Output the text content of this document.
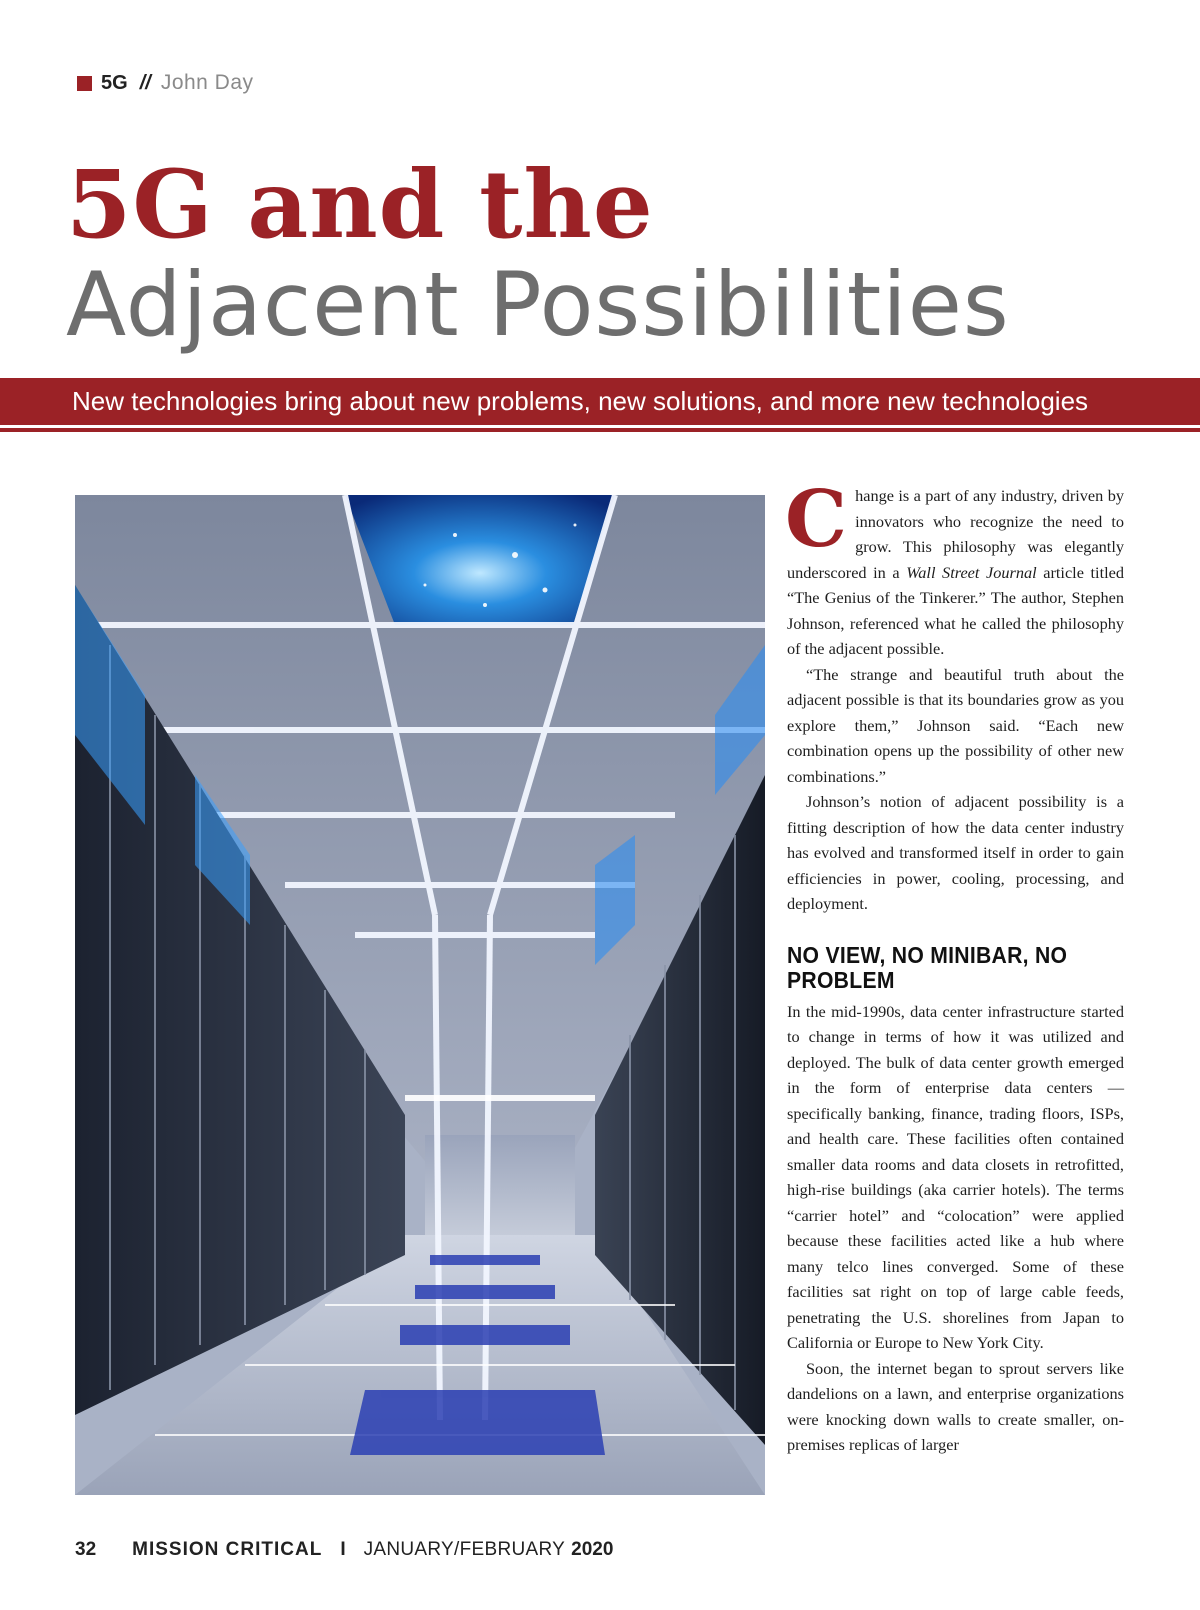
5G // John Day
5G and the
Adjacent Possibilities
New technologies bring about new problems, new solutions, and more new technologies

Change is a part of any industry, driven by innovators who recognize the need to grow. This philosophy was elegantly underscored in a Wall Street Journal article titled “The Genius of the Tinkerer.” The author, Stephen Johnson, referenced what he called the philosophy of the adjacent possible.

“The strange and beautiful truth about the adjacent possible is that its boundaries grow as you explore them,” Johnson said. “Each new combination opens up the possibility of other new combinations.”

Johnson’s notion of adjacent possibility is a fitting description of how the data center industry has evolved and transformed itself in order to gain efficiencies in power, cooling, processing, and deployment.

NO VIEW, NO MINIBAR, NO PROBLEM

In the mid-1990s, data center infrastructure started to change in terms of how it was utilized and deployed. The bulk of data center growth emerged in the form of enterprise data centers — specifically banking, finance, trading floors, ISPs, and health care. These facilities often contained smaller data rooms and data closets in retrofitted, high-rise buildings (aka carrier hotels). The terms “carrier hotel” and “colocation” were applied because these facilities acted like a hub where many telco lines converged. Some of these facilities sat right on top of large cable feeds, penetrating the U.S. shorelines from Japan to California or Europe to New York City.

Soon, the internet began to sprout servers like dandelions on a lawn, and enterprise organizations were knocking down walls to create smaller, on-premises replicas of larger

32 MISSION CRITICAL I JANUARY/FEBRUARY 2020
